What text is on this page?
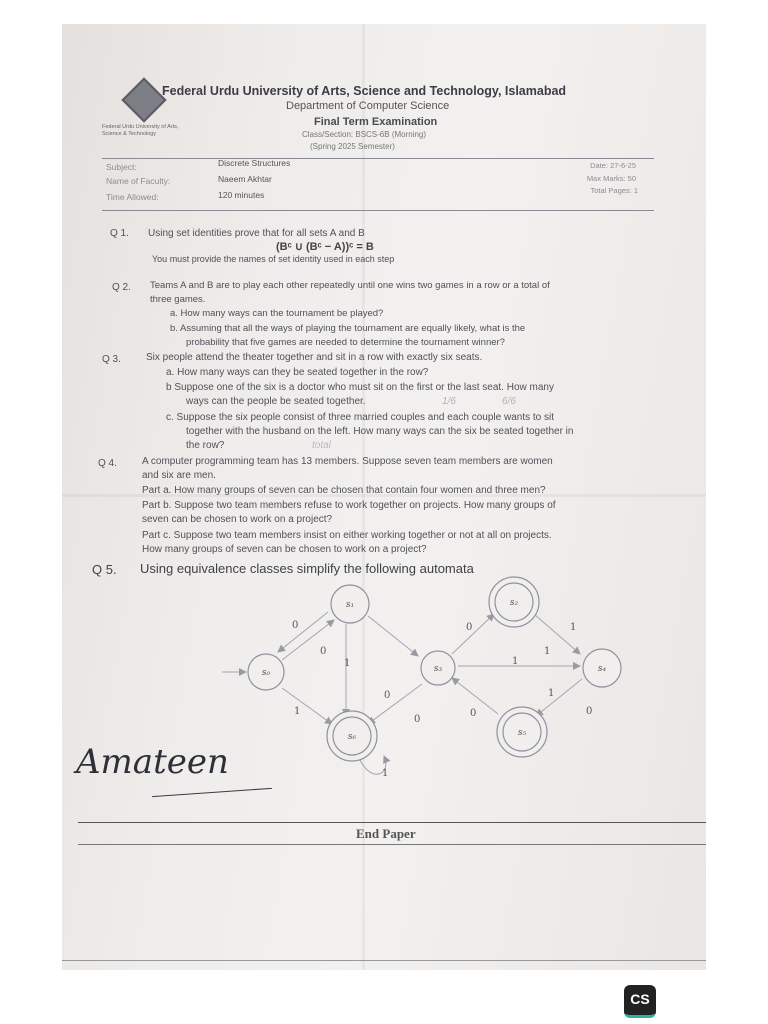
Federal Urdu University of Arts, Science and Technology, Islamabad
Federal Urdu University of Arts, Science & Technology
Department of Computer Science
Final Term Examination
Class/Section: BSCS-6B (Morning)
(Spring 2025 Semester)
Subject:	Discrete Structures
Name of Faculty:	Naeem Akhtar
Time Allowed:	120 minutes
Date: 27-6-25
Max Marks: 50
Total Pages: 1
Q 1. Using set identities prove that for all sets A and B
(Bᶜ ∪ (Bᶜ − A))ᶜ = B
You must provide the names of set identity used in each step
Q 2. Teams A and B are to play each other repeatedly until one wins two games in a row or a total of
three games.
a. How many ways can the tournament be played?
b. Assuming that all the ways of playing the tournament are equally likely, what is the
probability that five games are needed to determine the tournament winner?
Q 3.	Six people attend the theater together and sit in a row with exactly six seats.
a. How many ways can they be seated together in the row?
b Suppose one of the six is a doctor who must sit on the first or the last seat. How many
ways can the people be seated together.
c. Suppose the six people consist of three married couples and each couple wants to sit
together with the husband on the left. How many ways can the six be seated together in
the row?
1/6	6/6
total
Q 4.	A computer programming team has 13 members. Suppose seven team members are women
and six are men.
Part a. How many groups of seven can be chosen that contain four women and three men?
Part b. Suppose two team members refuse to work together on projects. How many groups of
seven can be chosen to work on a project?
Part c. Suppose two team members insist on either working together or not at all on projects.
How many groups of seven can be chosen to work on a project?
Q 5. Using equivalence classes simplify the following automata
s₀
s₁	s₂
s₃	s₄
s₅
s₆
0
0
1
1
0	1
1
1
0
0
1
0	0
1
Amateen
End Paper
CS
